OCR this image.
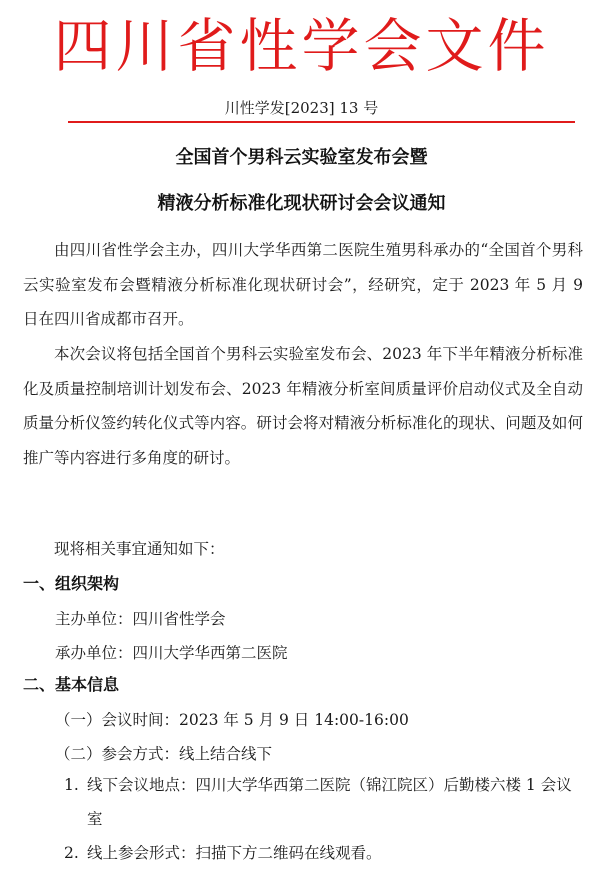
四川省性学会文件
川性学发[2023] 13 号
全国首个男科云实验室发布会暨
精液分析标准化现状研讨会会议通知

由四川省性学会主办，四川大学华西第二医院生殖男科承办的“全国首个男科云实验室发布会暨精液分析标准化现状研讨会”，经研究，定于 2023 年 5 月 9 日在四川省成都市召开。

本次会议将包括全国首个男科云实验室发布会、2023 年下半年精液分析标准化及质量控制培训计划发布会、2023 年精液分析室间质量评价启动仪式及全自动质量分析仪签约转化仪式等内容。研讨会将对精液分析标准化的现状、问题及如何推广等内容进行多角度的研讨。

现将相关事宜通知如下：

一、组织架构
主办单位：四川省性学会
承办单位：四川大学华西第二医院
二、基本信息
（一）会议时间：2023 年 5 月 9 日 14:00-16:00
（二）参会方式：线上结合线下
1. 线下会议地点：四川大学华西第二医院（锦江院区）后勤楼六楼 1 会议室
2. 线上参会形式：扫描下方二维码在线观看。
